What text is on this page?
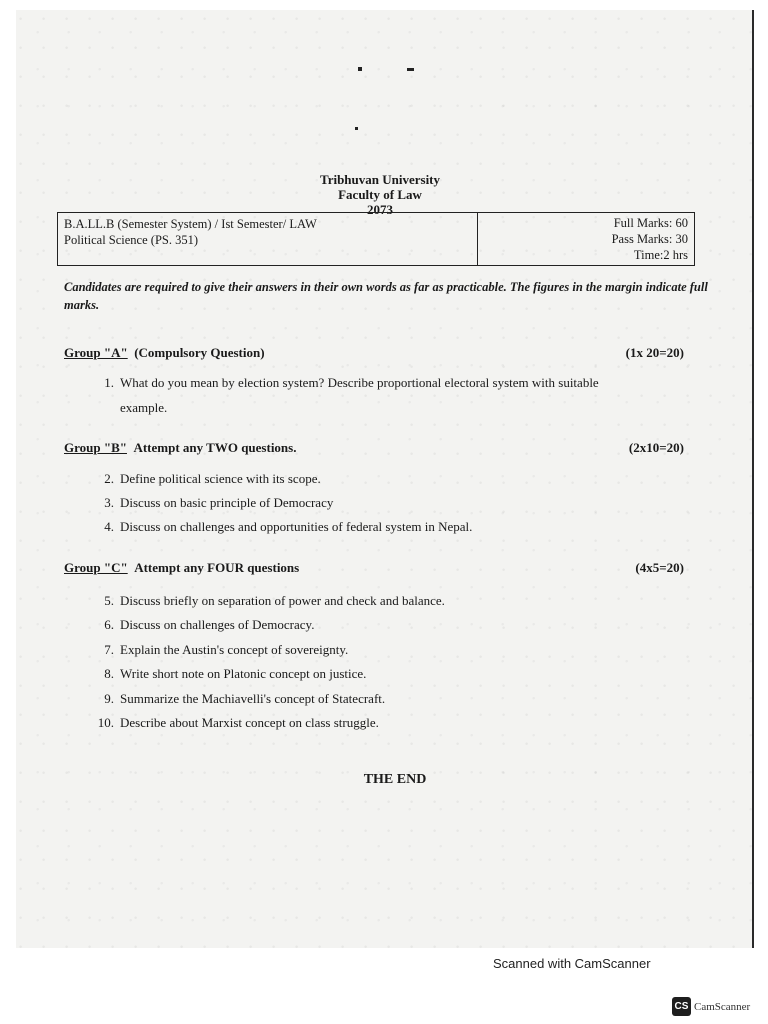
Tribhuvan University
Faculty of Law
2073
B.A.LL.B (Semester System) / Ist Semester/ LAW
Political Science (PS. 351)
Full Marks: 60
Pass Marks: 30
Time:2 hrs
Candidates are required to give their answers in their own words as far as practicable. The figures in the margin indicate full marks.
Group "A" (Compulsory Question)	(1x 20=20)
1. What do you mean by election system? Describe proportional electoral system with suitable
example.
Group "B" Attempt any TWO questions.	(2x10=20)
2. Define political science with its scope.
3. Discuss on basic principle of Democracy
4. Discuss on challenges and opportunities of federal system in Nepal.
Group "C" Attempt any FOUR questions	(4x5=20)
5. Discuss briefly on separation of power and check and balance.
6. Discuss on challenges of Democracy.
7. Explain the Austin's concept of sovereignty.
8. Write short note on Platonic concept on justice.
9. Summarize the Machiavelli's concept of Statecraft.
10. Describe about Marxist concept on class struggle.
THE END
Scanned with CamScanner
CS CamScanner
